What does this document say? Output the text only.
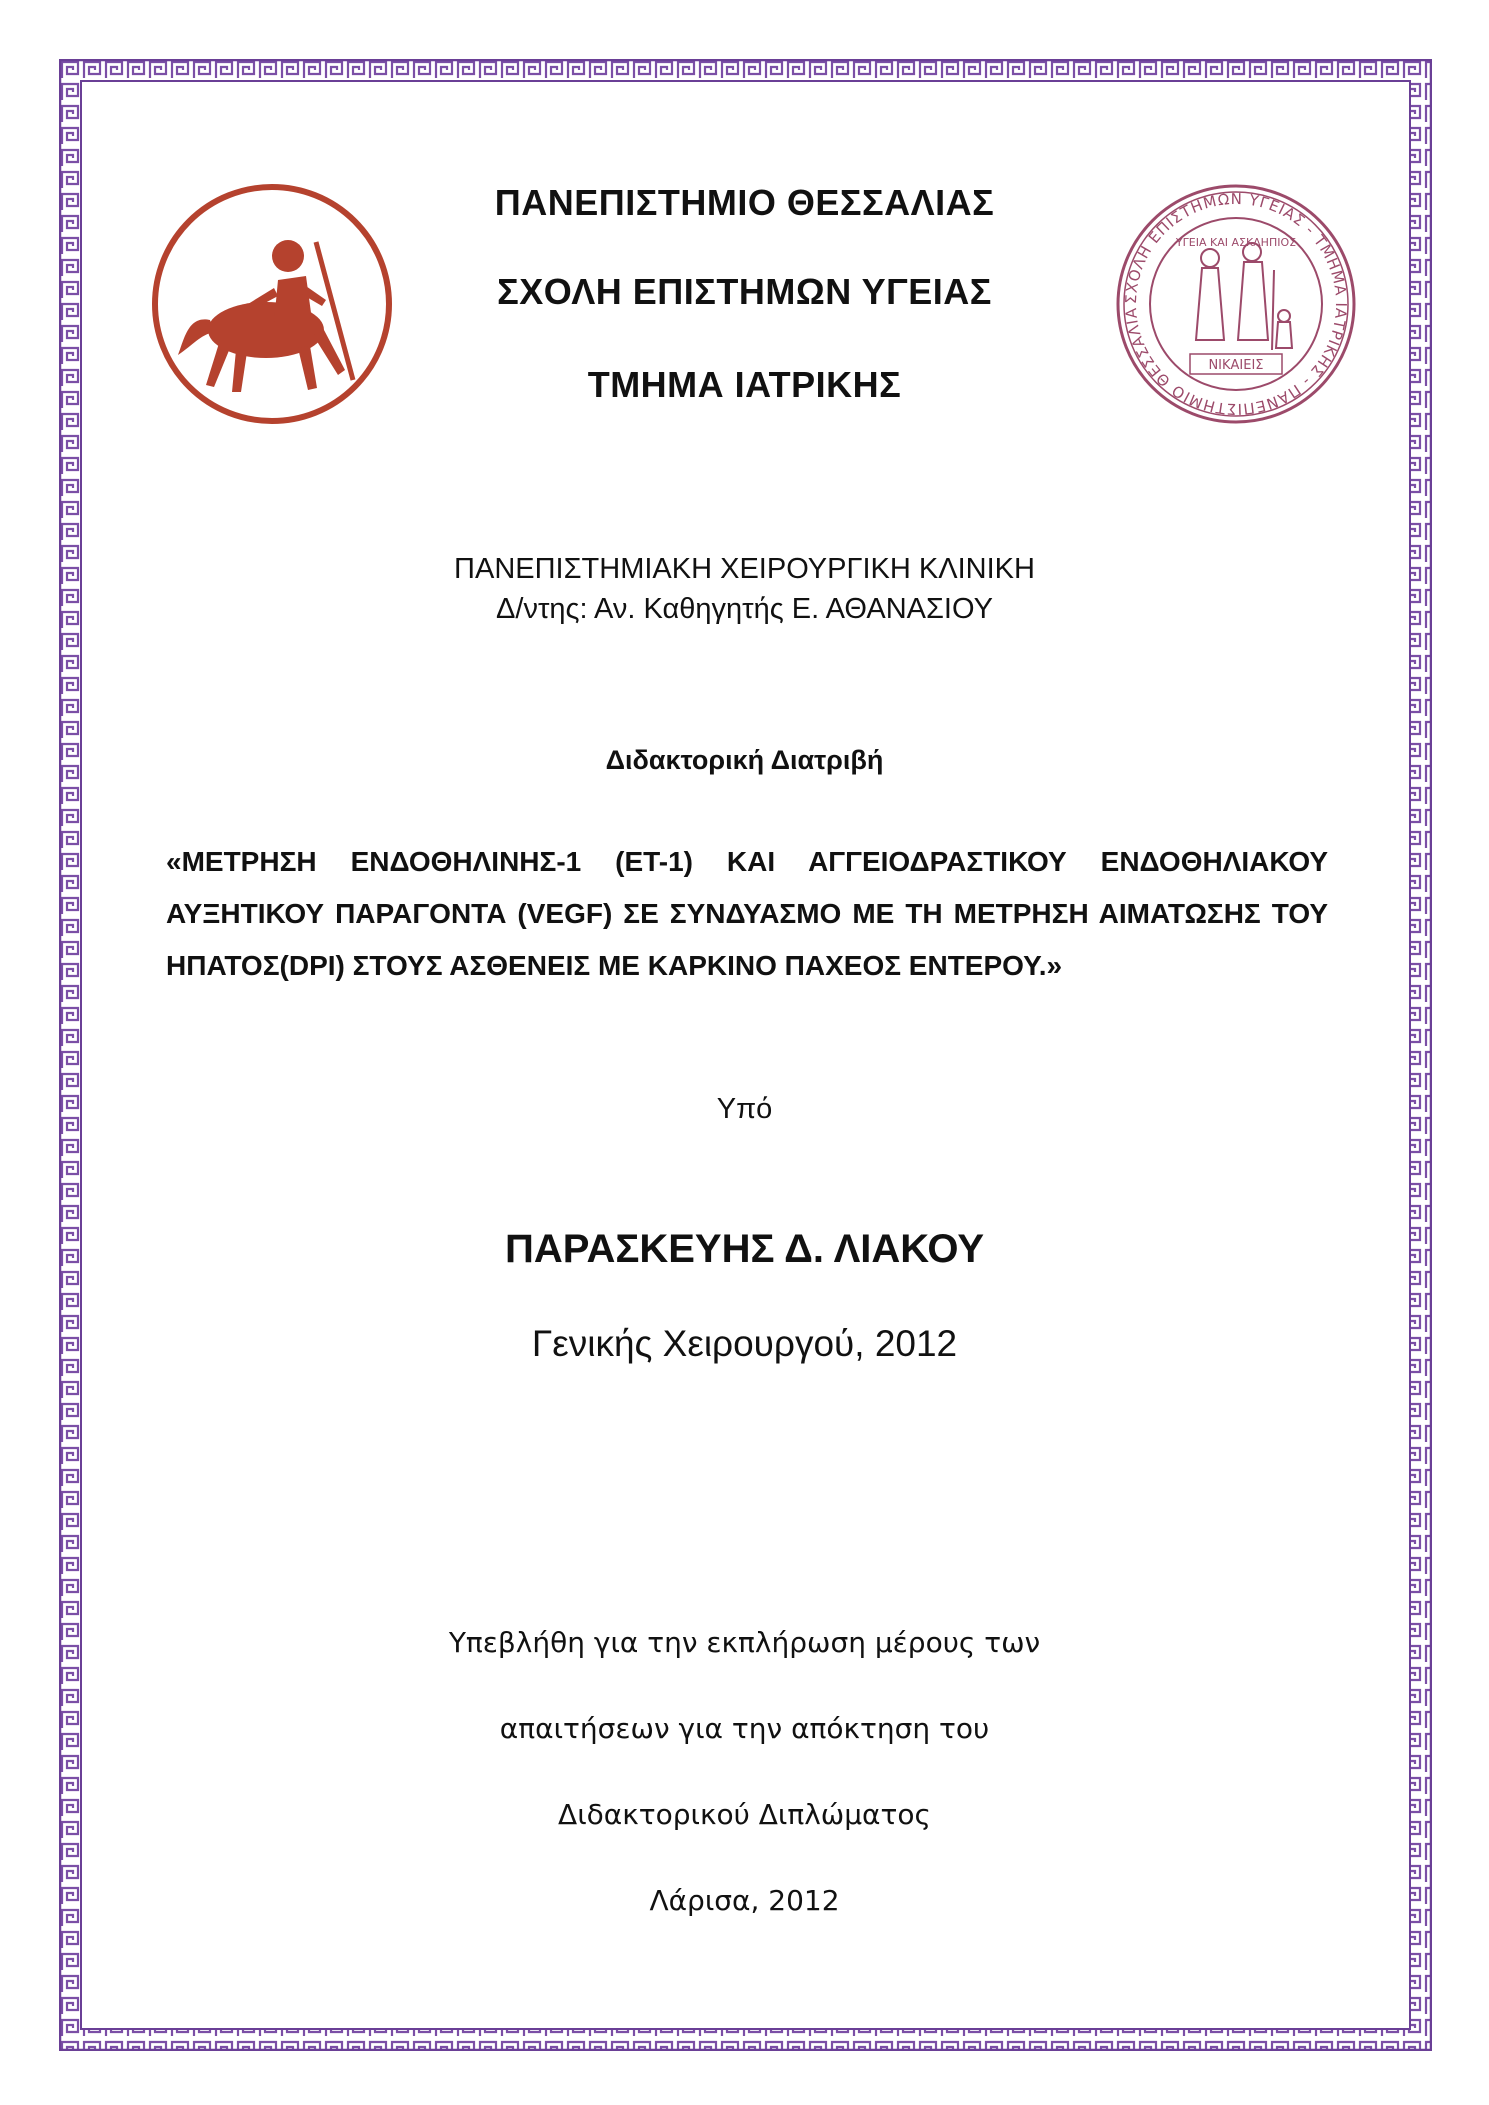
ΠΑΝΕΠΙΣΤΗΜΙΟ ΘΕΣΣΑΛΙΑΣ
ΣΧΟΛΗ ΕΠΙΣΤΗΜΩΝ ΥΓΕΙΑΣ
ΤΜΗΜΑ ΙΑΤΡΙΚΗΣ
ΣΧΟΛΗ ΕΠΙΣΤΗΜΩΝ ΥΓΕΙΑΣ - ΤΜΗΜΑ ΙΑΤΡΙΚΗΣ - ΠΑΝΕΠΙΣΤΗΜΙΟ ΘΕΣΣΑΛΙΑ
ΥΓΕΙΑ ΚΑΙ ΑΣΚΛΗΠΙΟΣ
ΝΙΚΑΙΕΙΣ
ΠΑΝΕΠΙΣΤΗΜΙΑΚΗ ΧΕΙΡΟΥΡΓΙΚΗ ΚΛΙΝΙΚΗ
Δ/ντης: Αν. Καθηγητής Ε. ΑΘΑΝΑΣΙΟΥ
Διδακτορική Διατριβή
«ΜΕΤΡΗΣΗ ΕΝΔΟΘΗΛΙΝΗΣ-1 (ΕΤ-1) ΚΑΙ ΑΓΓΕΙΟΔΡΑΣΤΙΚΟΥ ΕΝΔΟΘΗΛΙΑΚΟΥ ΑΥΞΗΤΙΚΟΥ ΠΑΡΑΓΟΝΤΑ (VEGF) ΣΕ ΣΥΝΔΥΑΣΜΟ ΜΕ ΤΗ ΜΕΤΡΗΣΗ ΑΙΜΑΤΩΣΗΣ ΤΟΥ ΗΠΑΤΟΣ(DPI) ΣΤΟΥΣ ΑΣΘΕΝΕΙΣ ΜΕ ΚΑΡΚΙΝΟ ΠΑΧΕΟΣ ΕΝΤΕΡΟΥ.»
Υπό
ΠΑΡΑΣΚΕΥΗΣ Δ. ΛΙΑΚΟΥ
Γενικής Χειρουργού, 2012
Υπεβλήθη για την εκπλήρωση μέρους των
απαιτήσεων για την απόκτηση του
Διδακτορικού Διπλώματος
Λάρισα, 2012
